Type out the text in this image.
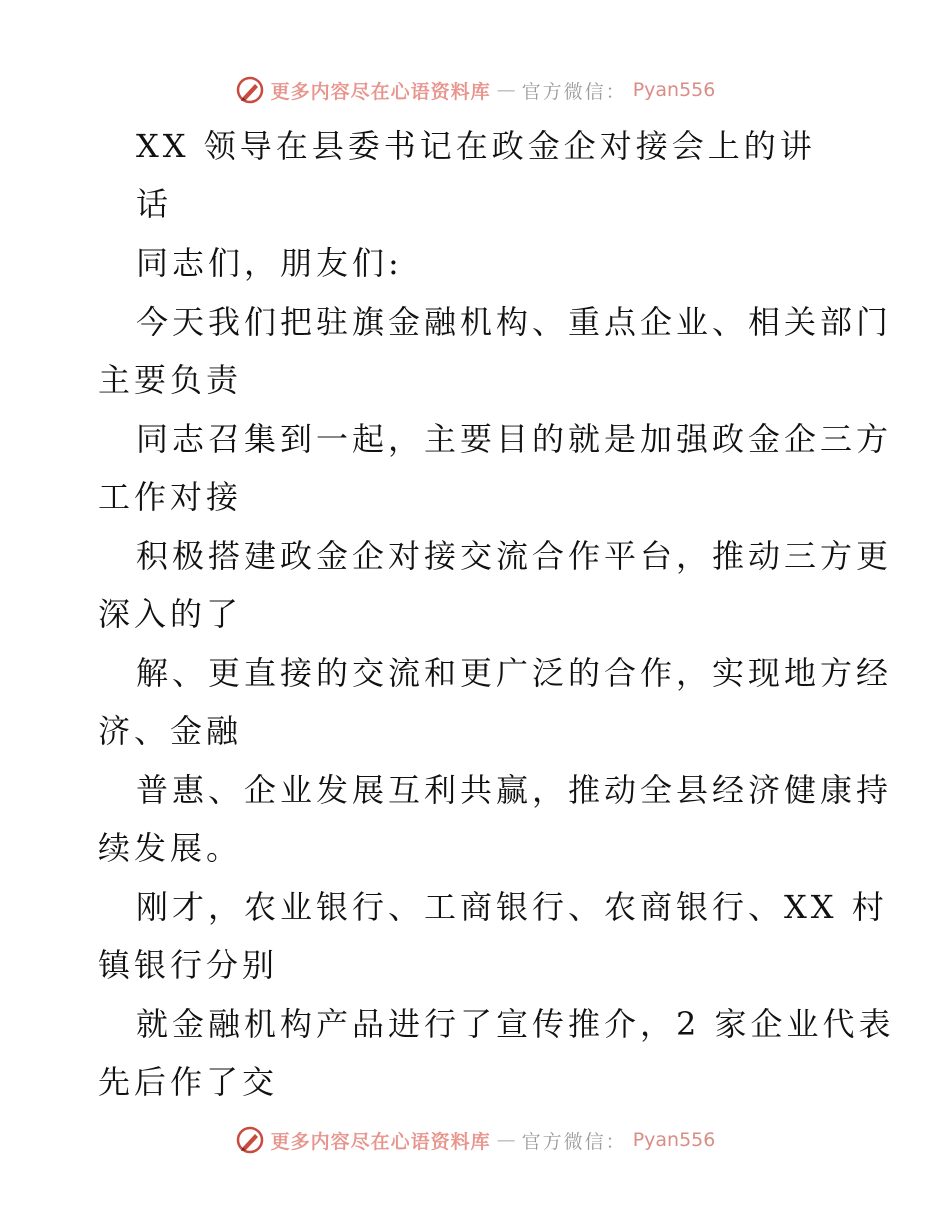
更多内容尽在心语资料库 — 官方微信： Pyan556
XX 领导在县委书记在政金企对接会上的讲
话
同志们，朋友们:
今天我们把驻旗金融机构、重点企业、相关部门
主要负责
同志召集到一起，主要目的就是加强政金企三方
工作对接
积极搭建政金企对接交流合作平台，推动三方更
深入的了
解、更直接的交流和更广泛的合作，实现地方经
济、金融
普惠、企业发展互利共赢，推动全县经济健康持
续发展。
刚才，农业银行、工商银行、农商银行、XX 村
镇银行分别
就金融机构产品进行了宣传推介，2 家企业代表
先后作了交
更多内容尽在心语资料库 — 官方微信： Pyan556
